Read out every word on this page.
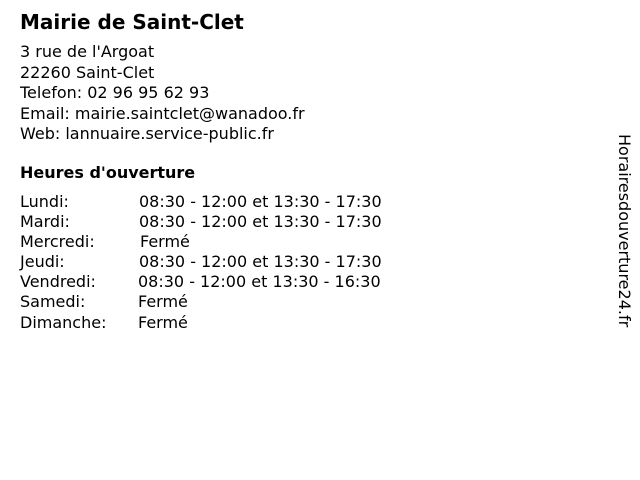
Mairie de Saint-Clet
3 rue de l'Argoat
22260 Saint-Clet
Telefon: 02 96 95 62 93
Email: mairie.saintclet@wanadoo.fr
Web: lannuaire.service-public.fr
Heures d'ouverture
Lundi:	08:30 - 12:00 et 13:30 - 17:30
Mardi:	08:30 - 12:00 et 13:30 - 17:30
Mercredi:	Fermé
Jeudi:	08:30 - 12:00 et 13:30 - 17:30
Vendredi:	08:30 - 12:00 et 13:30 - 16:30
Samedi:	Fermé
Dimanche: Fermé	Horairesdouverture24.fr
